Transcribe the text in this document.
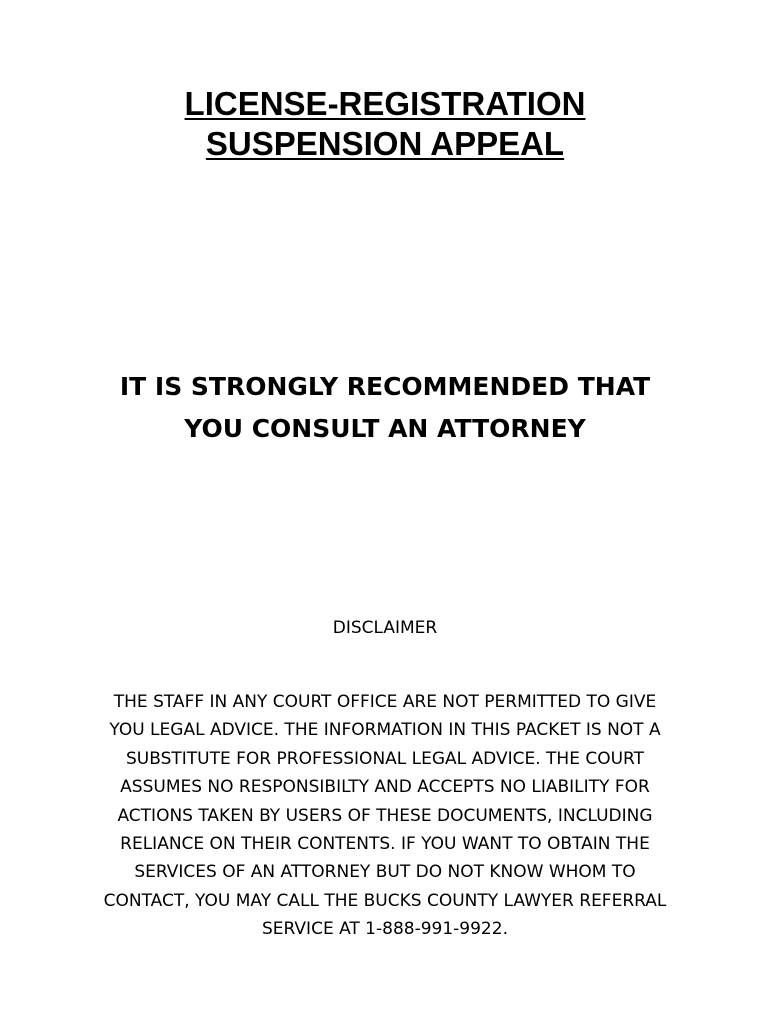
LICENSE-REGISTRATION
SUSPENSION APPEAL
IT IS STRONGLY RECOMMENDED THAT
YOU CONSULT AN ATTORNEY
DISCLAIMER
THE STAFF IN ANY COURT OFFICE ARE NOT PERMITTED TO GIVE
YOU LEGAL ADVICE. THE INFORMATION IN THIS PACKET IS NOT A
SUBSTITUTE FOR PROFESSIONAL LEGAL ADVICE. THE COURT
ASSUMES NO RESPONSIBILTY AND ACCEPTS NO LIABILITY FOR
ACTIONS TAKEN BY USERS OF THESE DOCUMENTS, INCLUDING
RELIANCE ON THEIR CONTENTS. IF YOU WANT TO OBTAIN THE
SERVICES OF AN ATTORNEY BUT DO NOT KNOW WHOM TO
CONTACT, YOU MAY CALL THE BUCKS COUNTY LAWYER REFERRAL
SERVICE AT 1-888-991-9922.
